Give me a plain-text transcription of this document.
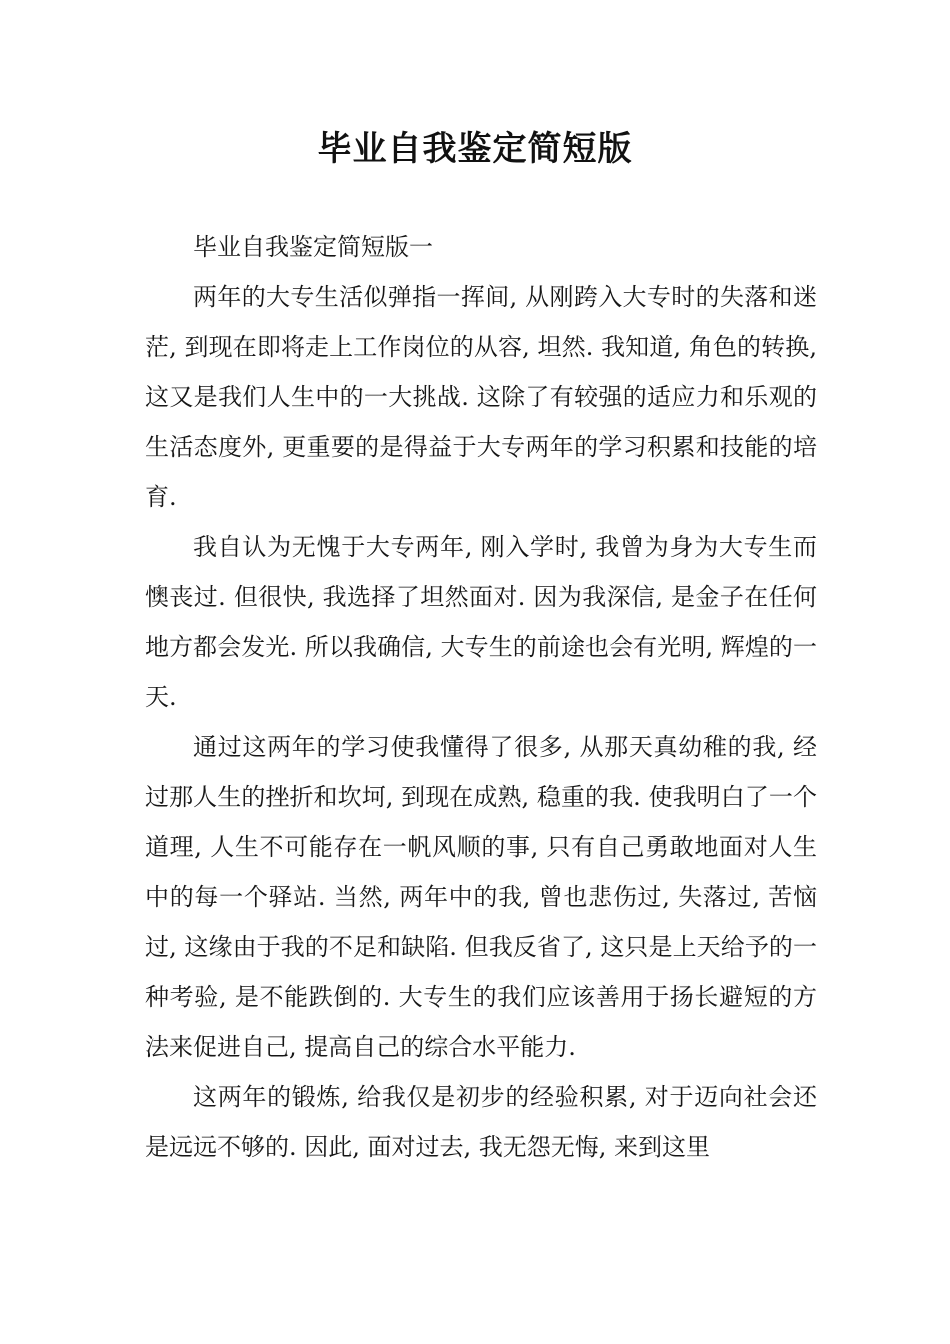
毕业自我鉴定简短版

毕业自我鉴定简短版一

两年的大专生活似弹指一挥间, 从刚跨入大专时的失落和迷茫, 到现在即将走上工作岗位的从容, 坦然. 我知道, 角色的转换, 这又是我们人生中的一大挑战. 这除了有较强的适应力和乐观的生活态度外, 更重要的是得益于大专两年的学习积累和技能的培育.

我自认为无愧于大专两年, 刚入学时, 我曾为身为大专生而懊丧过. 但很快, 我选择了坦然面对. 因为我深信, 是金子在任何地方都会发光. 所以我确信, 大专生的前途也会有光明, 辉煌的一天.

通过这两年的学习使我懂得了很多, 从那天真幼稚的我, 经过那人生的挫折和坎坷, 到现在成熟, 稳重的我. 使我明白了一个道理, 人生不可能存在一帆风顺的事, 只有自己勇敢地面对人生中的每一个驿站. 当然, 两年中的我, 曾也悲伤过, 失落过, 苦恼过, 这缘由于我的不足和缺陷. 但我反省了, 这只是上天给予的一种考验, 是不能跌倒的. 大专生的我们应该善用于扬长避短的方法来促进自己, 提高自己的综合水平能力.

这两年的锻炼, 给我仅是初步的经验积累, 对于迈向社会还是远远不够的. 因此, 面对过去, 我无怨无悔, 来到这里
